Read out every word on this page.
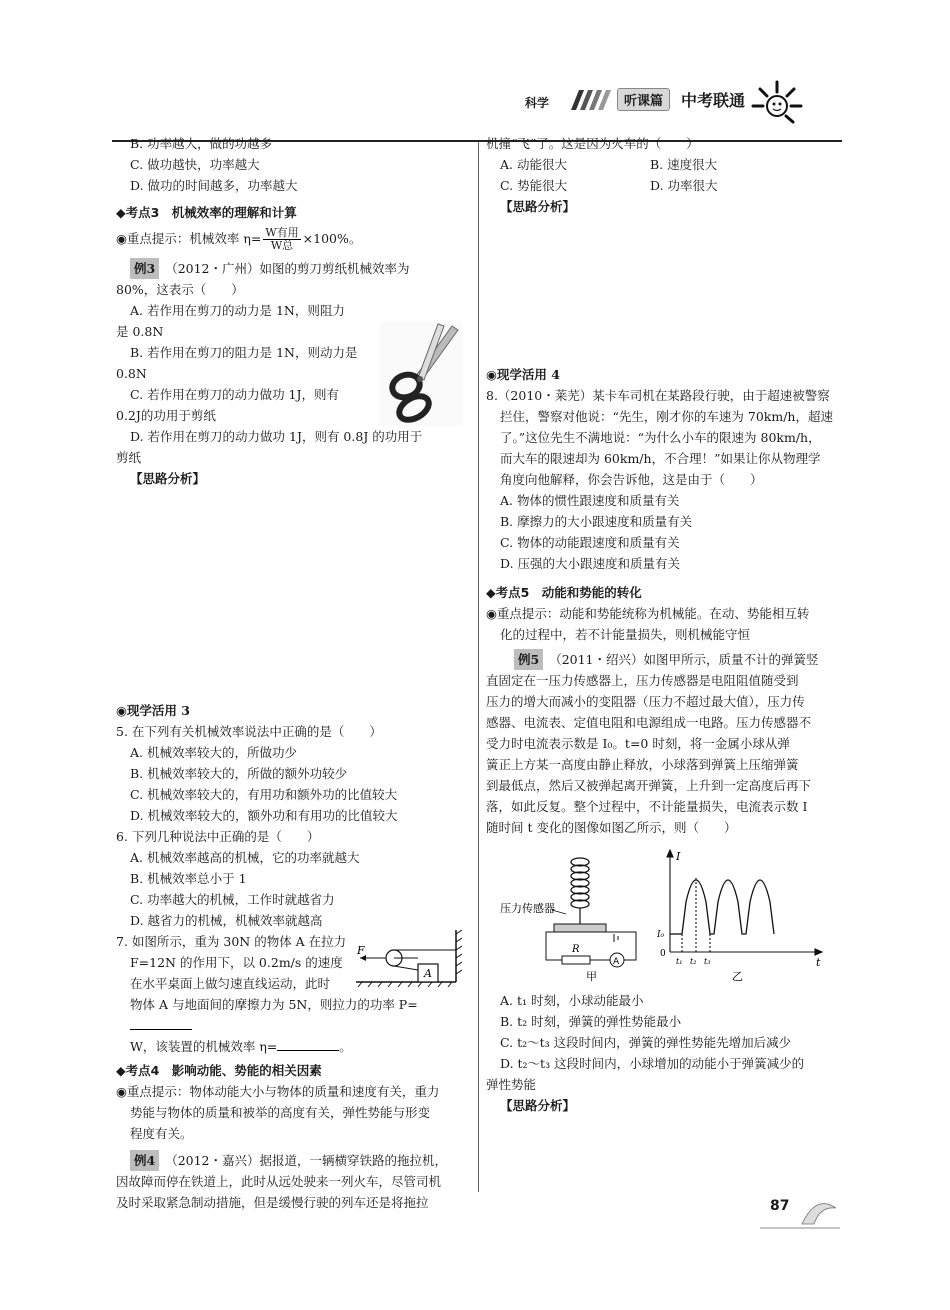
科学	听课篇	中考联通

B. 功率越大，做的功越多

C. 做功越快，功率越大

D. 做功的时间越多，功率越大

◆考点3　机械效率的理解和计算

◉重点提示：机械效率 $\eta= \frac{\text{W有用}}{\text{W总}} \times 100\%$。

例3 （2012・广州）如图的剪刀剪纸机械效率为

80%，这表示（　　）

A. 若作用在剪刀的动力是 1N，则阻力

是 0.8N

B. 若作用在剪刀的阻力是 1N，则动力是

0.8N

C. 若作用在剪刀的动力做功 1J，则有

0.2J的功用于剪纸

D. 若作用在剪刀的动力做功 1J，则有 0.8J 的功用于

剪纸

【思路分析】

◉现学活用 3

5. 在下列有关机械效率说法中正确的是（　　）

A. 机械效率较大的，所做功少

B. 机械效率较大的，所做的额外功较少

C. 机械效率较大的，有用功和额外功的比值较大

D. 机械效率较大的，额外功和有用功的比值较大

6. 下列几种说法中正确的是（　　）

A. 机械效率越高的机械，它的功率就越大

B. 机械效率总小于 1

C. 功率越大的机械，工作时就越省力

D. 越省力的机械，机械效率就越高

7. 如图所示，重为 30N 的物体 A 在拉力

F=12N 的作用下，以 0.2m/s 的速度

在水平桌面上做匀速直线运动，此时

物体 A 与地面间的摩擦力为 5N，则拉力的功率 P=

W，该装置的机械效率 η=	。

◆考点4　影响动能、势能的相关因素

◉重点提示：物体动能大小与物体的质量和速度有关，重力

势能与物体的质量和被举的高度有关，弹性势能与形变

程度有关。

例4 （2012・嘉兴）据报道，一辆横穿铁路的拖拉机，

因故障而停在铁道上，此时从远处驶来一列火车，尽管司机

及时采取紧急制动措施，但是缓慢行驶的列车还是将拖拉

F
A

机撞“飞”了。这是因为火车的（　　）

A. 动能很大	B. 速度很大

C. 势能很大	D. 功率很大

【思路分析】

◉现学活用 4

8.（2010・莱芜）某卡车司机在某路段行驶，由于超速被警察

拦住，警察对他说：“先生，刚才你的车速为 70km/h，超速

了。”这位先生不满地说：“为什么小车的限速为 80km/h，

而大车的限速却为 60km/h，不合理！”如果让你从物理学

角度向他解释，你会告诉他，这是由于（　　）

A. 物体的惯性跟速度和质量有关

B. 摩擦力的大小跟速度和质量有关

C. 物体的动能跟速度和质量有关

D. 压强的大小跟速度和质量有关

◆考点5　动能和势能的转化

◉重点提示：动能和势能统称为机械能。在动、势能相互转

化的过程中，若不计能量损失，则机械能守恒

例5 （2011・绍兴）如图甲所示，质量不计的弹簧竖

直固定在一压力传感器上，压力传感器是电阻阻值随受到

压力的增大而减小的变阻器（压力不超过最大值），压力传

感器、电流表、定值电阻和电源组成一电路。压力传感器不

受力时电流表示数是 I₀。t=0 时刻，将一金属小球从弹

簧正上方某一高度由静止释放，小球落到弹簧上压缩弹簧

到最低点，然后又被弹起离开弹簧，上升到一定高度后再下

落，如此反复。整个过程中，不计能量损失，电流表示数 I

随时间 t 变化的图像如图乙所示，则（　　）

压力传感器
R
A
甲
I
I₀
0
t
t₁ t₂ t₃
乙

A. t₁ 时刻，小球动能最小

B. t₂ 时刻，弹簧的弹性势能最小

C. t₂～t₃ 这段时间内，弹簧的弹性势能先增加后减少

D. t₂～t₃ 这段时间内，小球增加的动能小于弹簧减少的

弹性势能

【思路分析】

87
